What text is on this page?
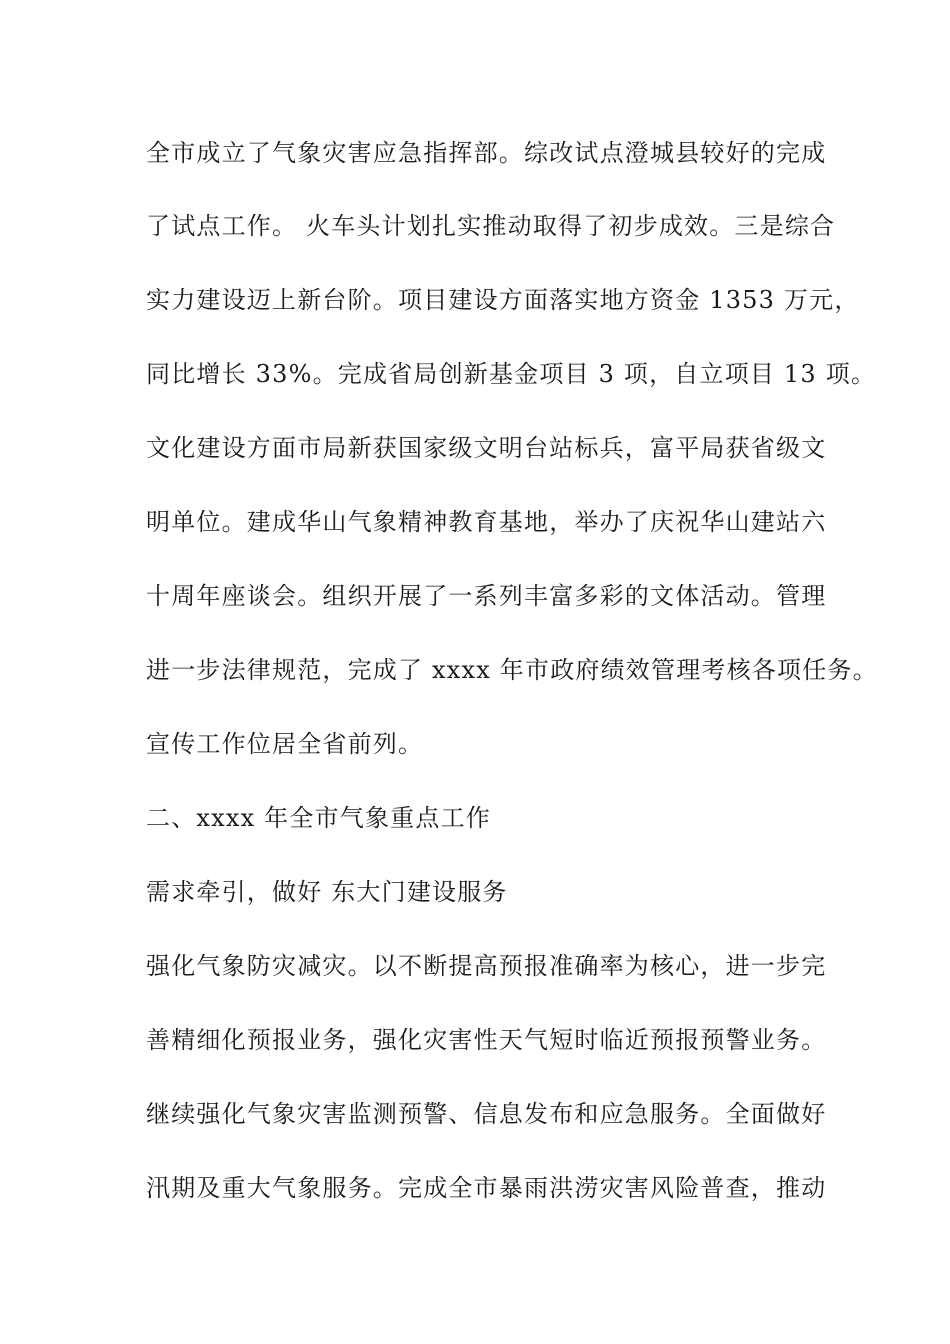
全市成立了气象灾害应急指挥部。综改试点澄城县较好的完成
了试点工作。 火车头计划扎实推动取得了初步成效。三是综合
实力建设迈上新台阶。项目建设方面落实地方资金 1353 万元，
同比增长 33%。完成省局创新基金项目 3 项，自立项目 13 项。
文化建设方面市局新获国家级文明台站标兵，富平局获省级文
明单位。建成华山气象精神教育基地，举办了庆祝华山建站六
十周年座谈会。组织开展了一系列丰富多彩的文体活动。管理
进一步法律规范，完成了 xxxx 年市政府绩效管理考核各项任务。
宣传工作位居全省前列。
二、xxxx 年全市气象重点工作
需求牵引，做好 东大门建设服务
强化气象防灾减灾。以不断提高预报准确率为核心，进一步完
善精细化预报业务，强化灾害性天气短时临近预报预警业务。
继续强化气象灾害监测预警、信息发布和应急服务。全面做好
汛期及重大气象服务。完成全市暴雨洪涝灾害风险普查，推动
